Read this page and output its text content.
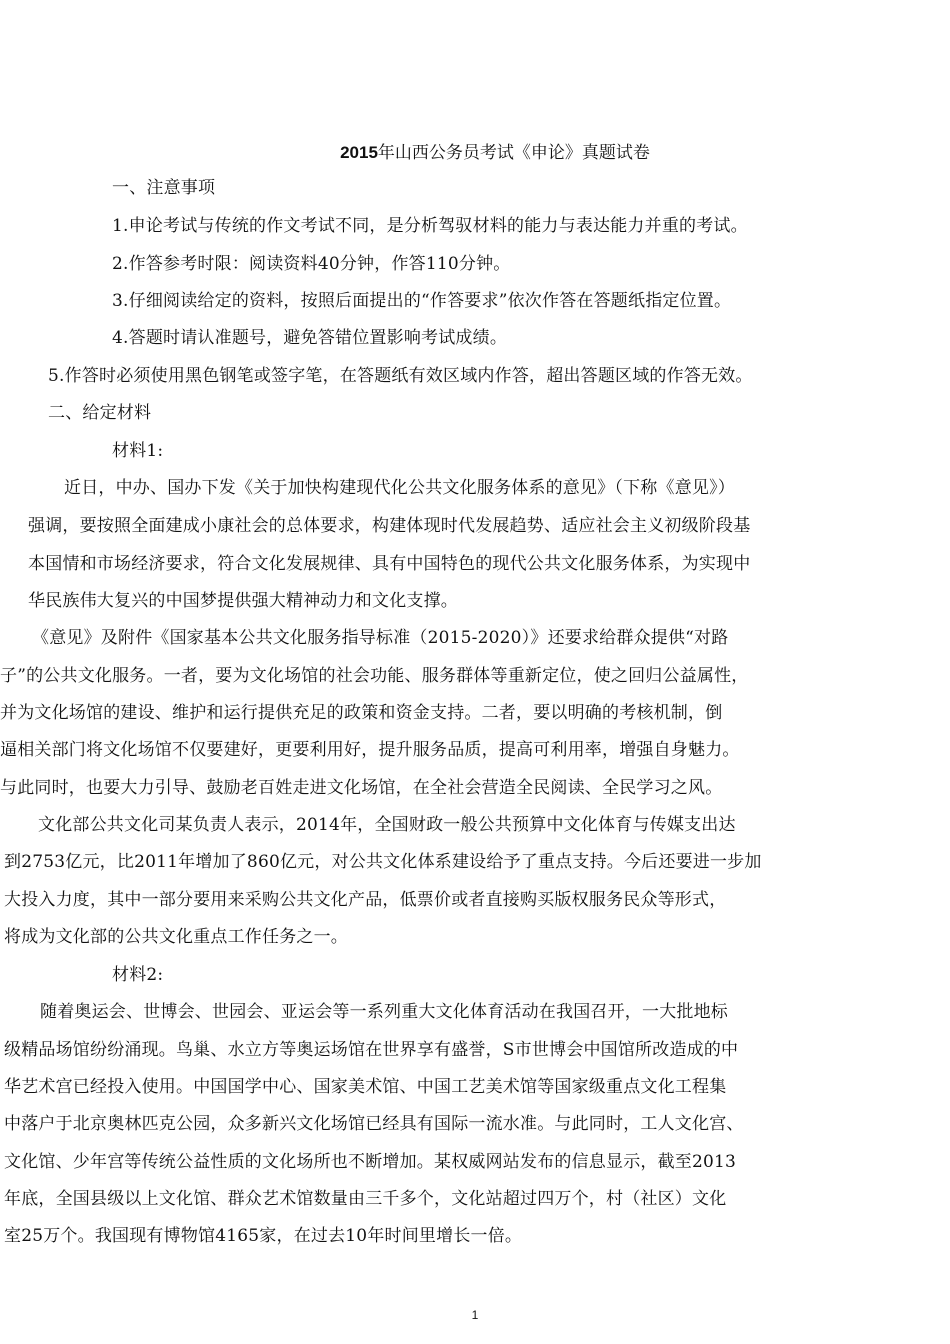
2015年山西公务员考试《申论》真题试卷
一、注意事项
1.申论考试与传统的作文考试不同，是分析驾驭材料的能力与表达能力并重的考试。
2.作答参考时限：阅读资料40分钟，作答110分钟。
3.仔细阅读给定的资料，按照后面提出的“作答要求”依次作答在答题纸指定位置。
4.答题时请认准题号，避免答错位置影响考试成绩。
5.作答时必须使用黑色钢笔或签字笔，在答题纸有效区域内作答，超出答题区域的作答无效。
二、给定材料
材料1:
近日，中办、国办下发《关于加快构建现代化公共文化服务体系的意见》（下称《意见》）
强调，要按照全面建成小康社会的总体要求，构建体现时代发展趋势、适应社会主义初级阶段基
本国情和市场经济要求，符合文化发展规律、具有中国特色的现代公共文化服务体系，为实现中
华民族伟大复兴的中国梦提供强大精神动力和文化支撑。
《意见》及附件《国家基本公共文化服务指导标准（2015-2020）》还要求给群众提供“对路
子”的公共文化服务。一者，要为文化场馆的社会功能、服务群体等重新定位，使之回归公益属性，
并为文化场馆的建设、维护和运行提供充足的政策和资金支持。二者，要以明确的考核机制，倒
逼相关部门将文化场馆不仅要建好，更要利用好，提升服务品质，提高可利用率，增强自身魅力。
与此同时，也要大力引导、鼓励老百姓走进文化场馆，在全社会营造全民阅读、全民学习之风。
文化部公共文化司某负责人表示，2014年，全国财政一般公共预算中文化体育与传媒支出达
到2753亿元，比2011年增加了860亿元，对公共文化体系建设给予了重点支持。今后还要进一步加
大投入力度，其中一部分要用来采购公共文化产品，低票价或者直接购买版权服务民众等形式，
将成为文化部的公共文化重点工作任务之一。
材料2:
随着奥运会、世博会、世园会、亚运会等一系列重大文化体育活动在我国召开，一大批地标
级精品场馆纷纷涌现。鸟巢、水立方等奥运场馆在世界享有盛誉，S市世博会中国馆所改造成的中
华艺术宫已经投入使用。中国国学中心、国家美术馆、中国工艺美术馆等国家级重点文化工程集
中落户于北京奥林匹克公园，众多新兴文化场馆已经具有国际一流水准。与此同时，工人文化宫、
文化馆、少年宫等传统公益性质的文化场所也不断增加。某权威网站发布的信息显示，截至2013
年底，全国县级以上文化馆、群众艺术馆数量由三千多个，文化站超过四万个，村（社区）文化
室25万个。我国现有博物馆4165家，在过去10年时间里增长一倍。
1
